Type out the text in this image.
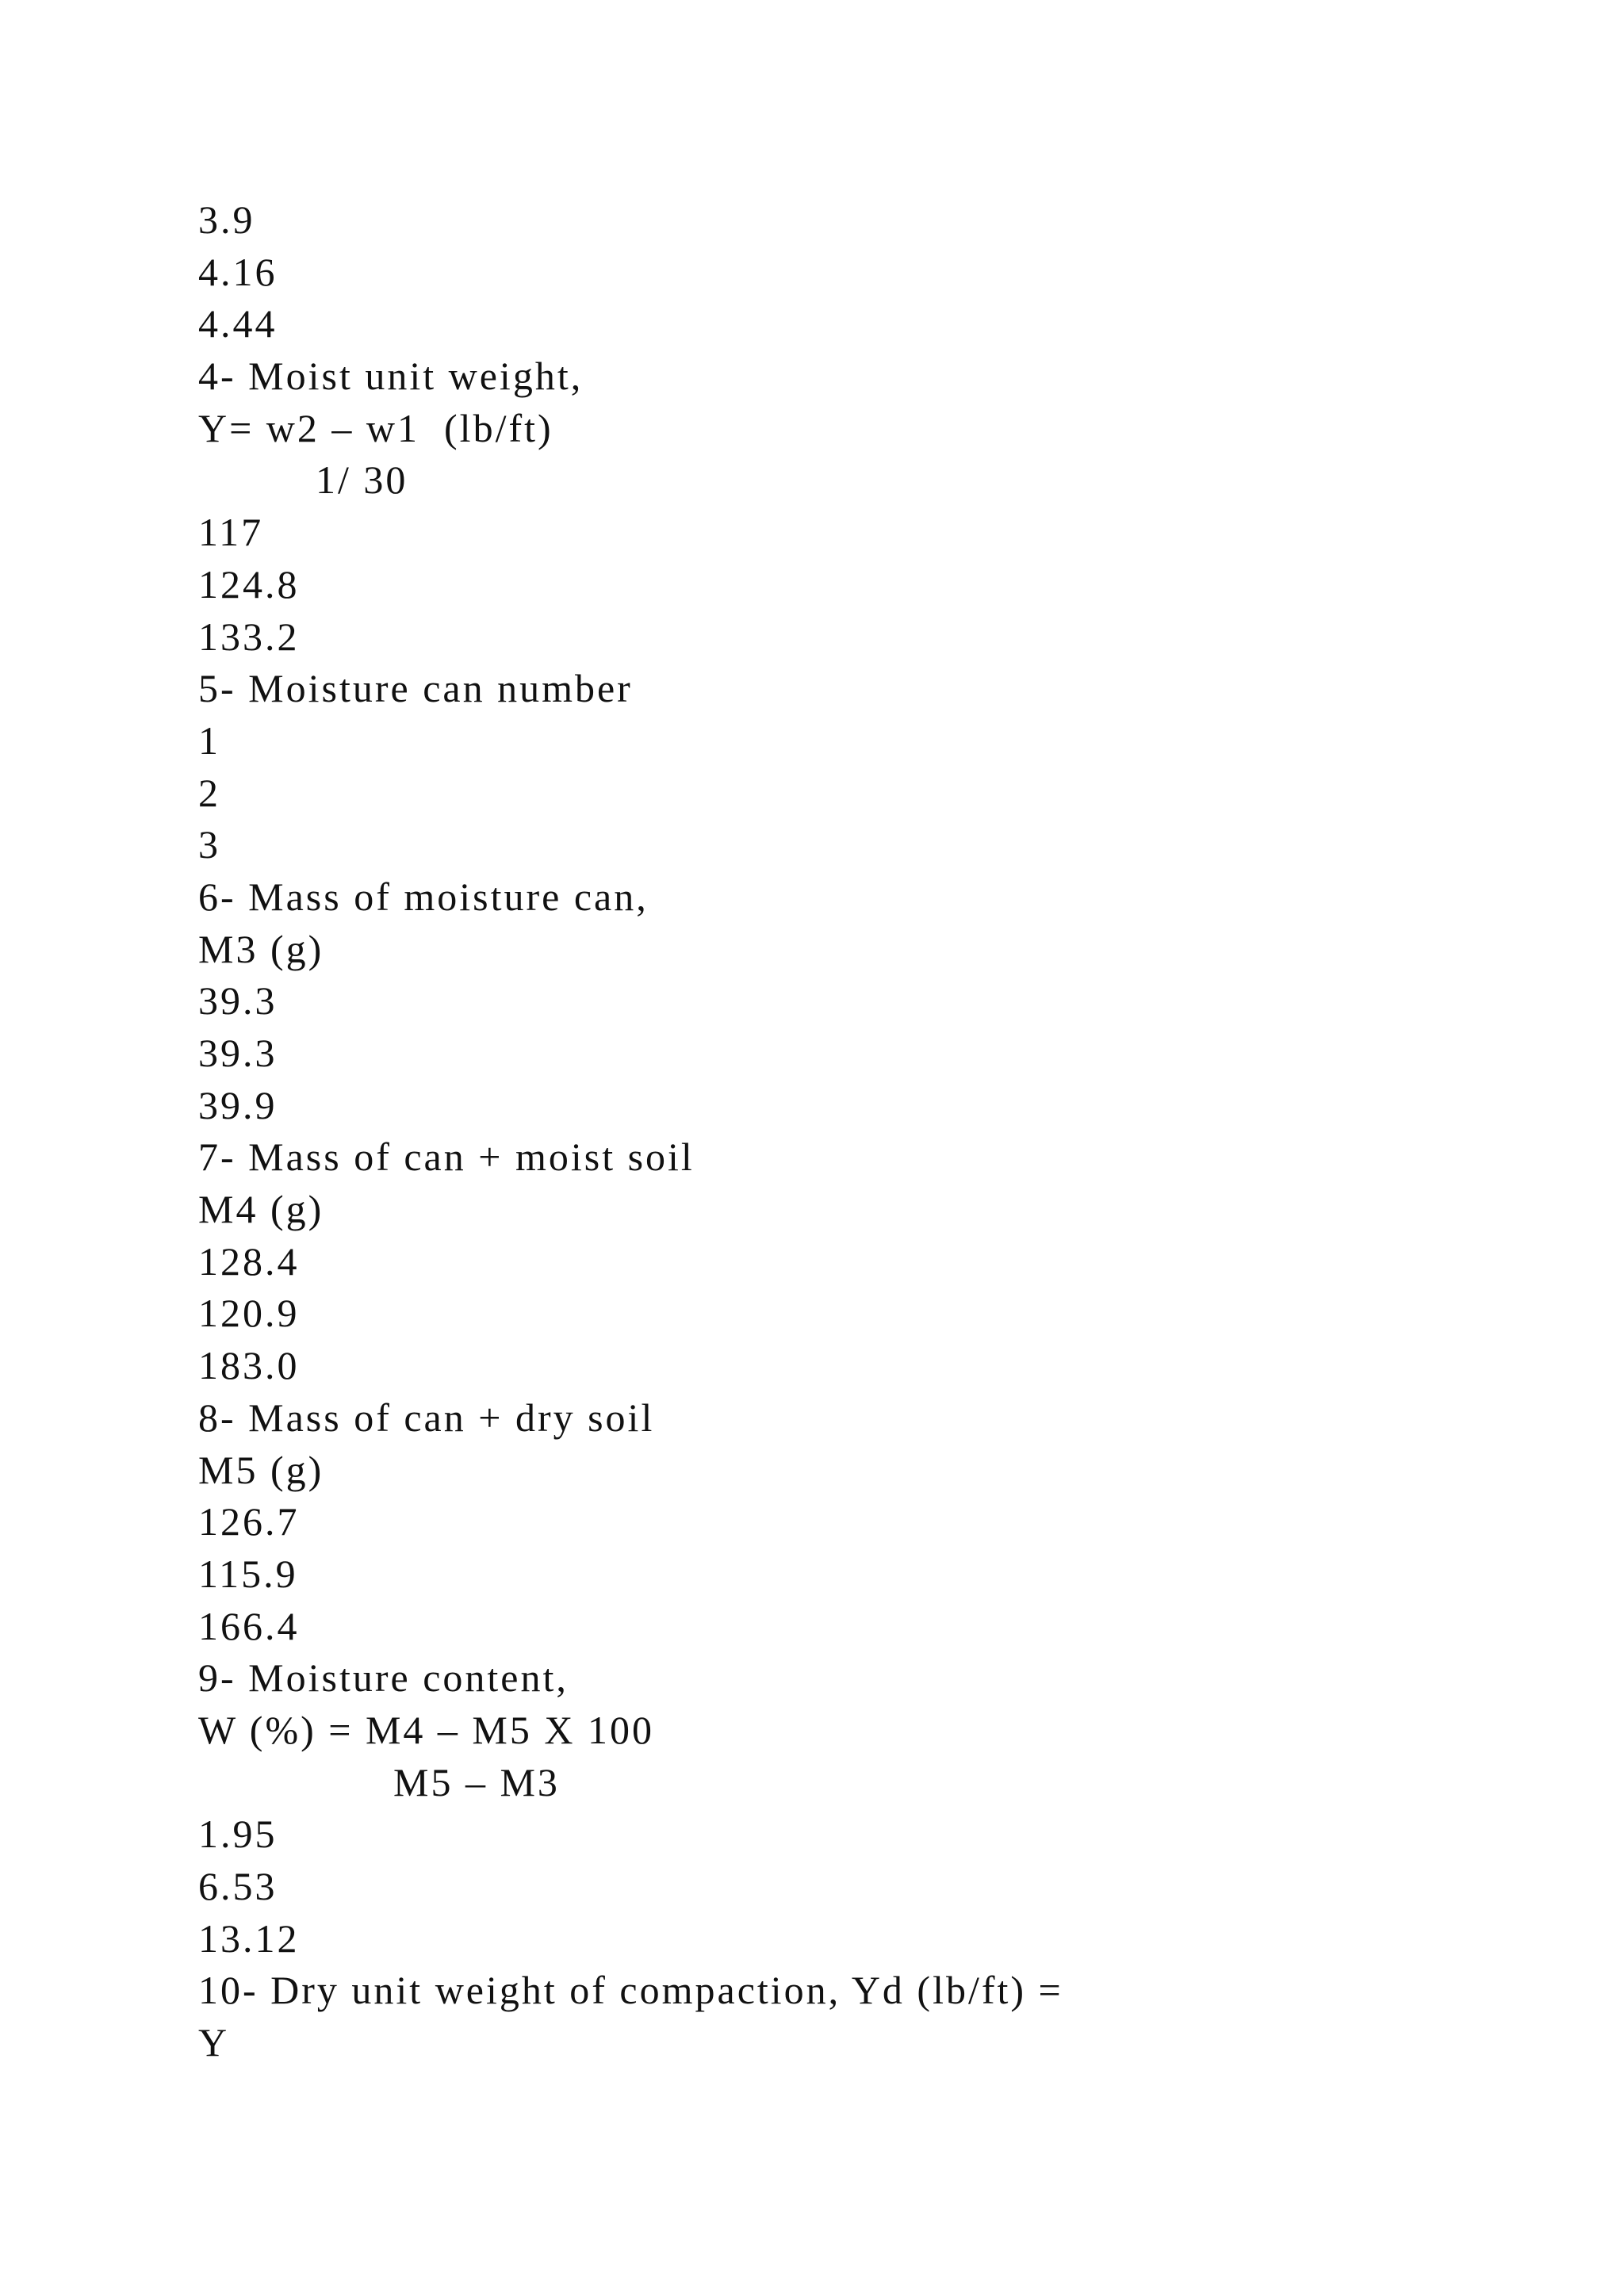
3.9
4.16
4.44
4- Moist unit weight,
Y= w2 – w1  (lb/ft)
1/ 30
117
124.8
133.2
5- Moisture can number
1
2
3
6- Mass of moisture can,
M3 (g)
39.3
39.3
39.9
7- Mass of can + moist soil
M4 (g)
128.4
120.9
183.0
8- Mass of can + dry soil
M5 (g)
126.7
115.9
166.4
9- Moisture content,
W (%) = M4 – M5 X 100
M5 – M3
1.95
6.53
13.12
10- Dry unit weight of compaction, Yd (lb/ft) =
Y
